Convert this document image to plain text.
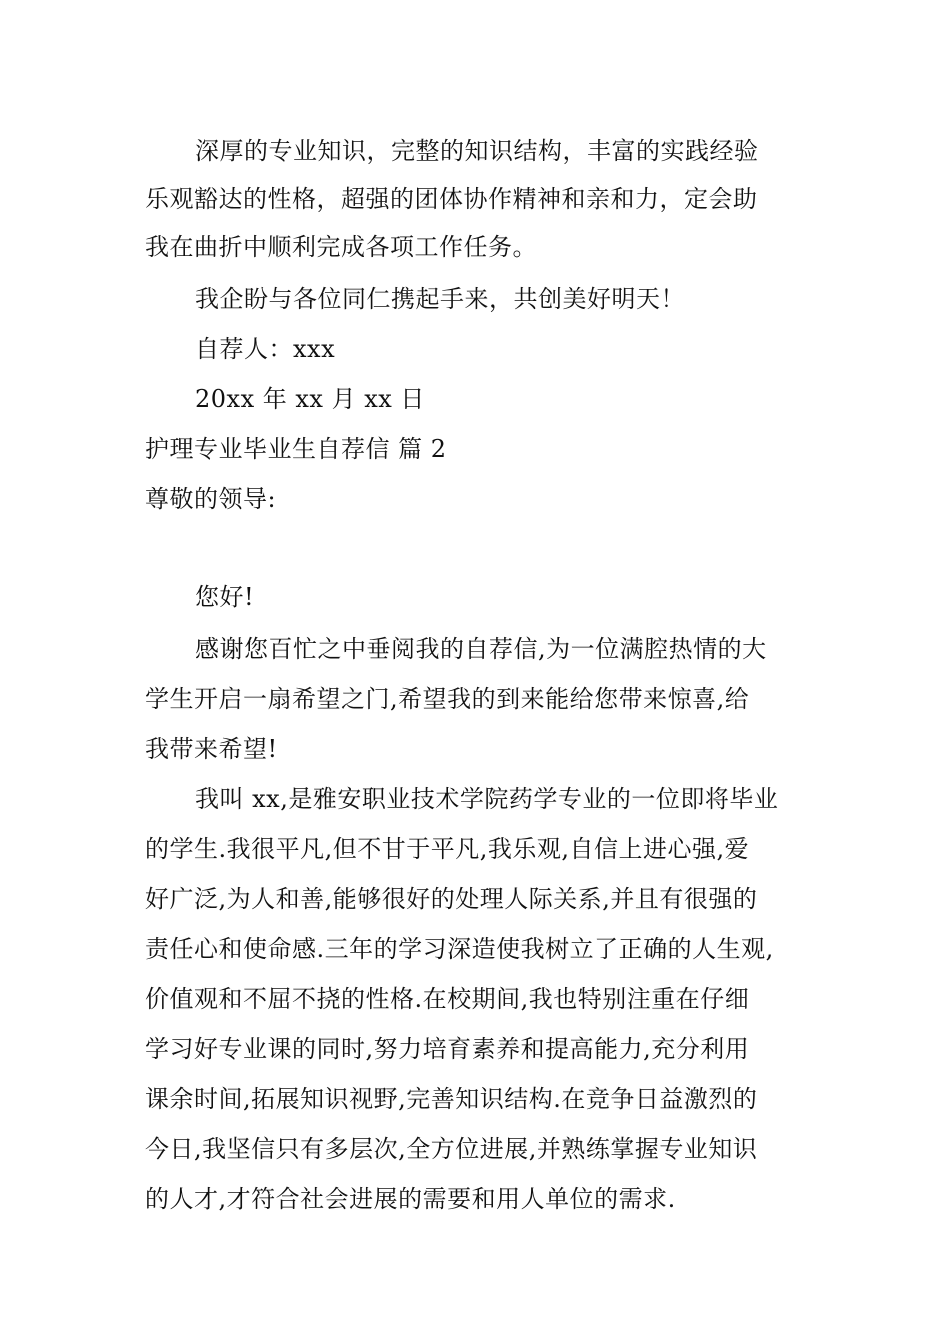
深厚的专业知识，完整的知识结构，丰富的实践经验
乐观豁达的性格，超强的团体协作精神和亲和力，定会助
我在曲折中顺利完成各项工作任务。
我企盼与各位同仁携起手来，共创美好明天！
自荐人：xxx
20xx 年 xx 月 xx 日
护理专业毕业生自荐信 篇 2
尊敬的领导:
您好!
感谢您百忙之中垂阅我的自荐信,为一位满腔热情的大
学生开启一扇希望之门,希望我的到来能给您带来惊喜,给
我带来希望!
我叫 xx,是雅安职业技术学院药学专业的一位即将毕业
的学生.我很平凡,但不甘于平凡,我乐观,自信上进心强,爱
好广泛,为人和善,能够很好的处理人际关系,并且有很强的
责任心和使命感.三年的学习深造使我树立了正确的人生观,
价值观和不屈不挠的性格.在校期间,我也特别注重在仔细
学习好专业课的同时,努力培育素养和提高能力,充分利用
课余时间,拓展知识视野,完善知识结构.在竞争日益激烈的
今日,我坚信只有多层次,全方位进展,并熟练掌握专业知识
的人才,才符合社会进展的需要和用人单位的需求.
